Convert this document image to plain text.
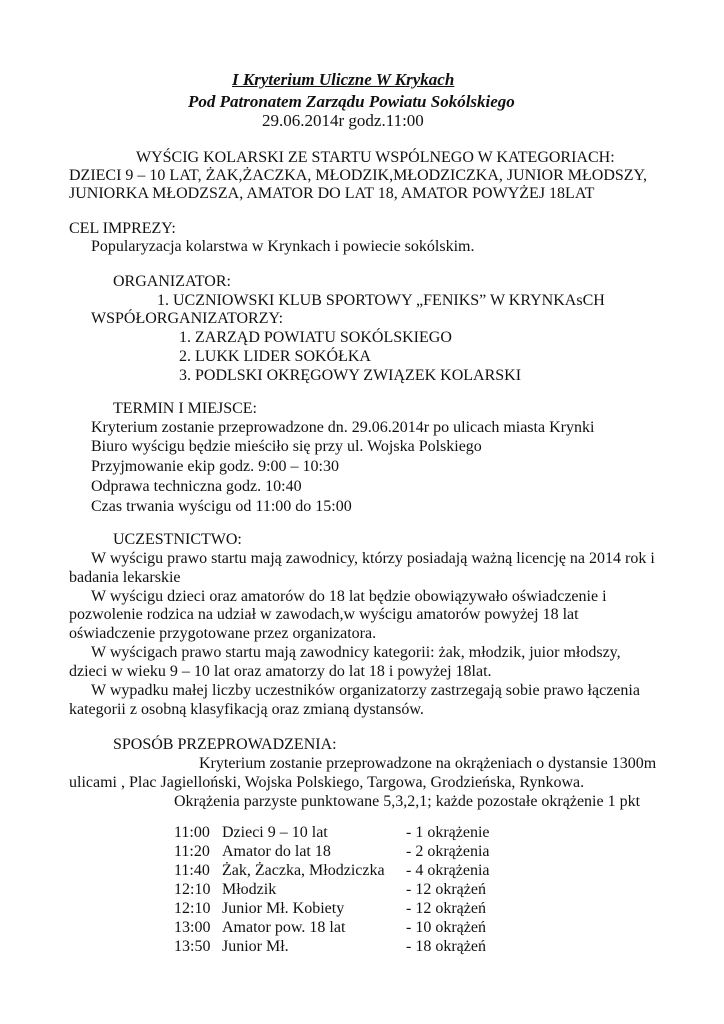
I Kryterium Uliczne W Krykach
Pod Patronatem Zarządu Powiatu Sokólskiego
29.06.2014r godz.11:00
WYŚCIG KOLARSKI ZE STARTU WSPÓLNEGO W KATEGORIACH:
DZIECI 9 – 10 LAT, ŻAK,ŻACZKA, MŁODZIK,MŁODZICZKA, JUNIOR MŁODSZY,
JUNIORKA MŁODZSZA, AMATOR DO LAT 18, AMATOR POWYŻEJ 18LAT
CEL IMPREZY:
Popularyzacja kolarstwa w Krynkach i powiecie sokólskim.
ORGANIZATOR:
1. UCZNIOWSKI KLUB SPORTOWY „FENIKS” W KRYNKAsCH
WSPÓŁORGANIZATORZY:
1. ZARZĄD POWIATU SOKÓLSKIEGO
2. LUKK LIDER SOKÓŁKA
3. PODLSKI OKRĘGOWY ZWIĄZEK KOLARSKI
TERMIN I MIEJSCE:
Kryterium zostanie przeprowadzone dn. 29.06.2014r po ulicach miasta Krynki
Biuro wyścigu będzie mieściło się przy ul. Wojska Polskiego
Przyjmowanie ekip godz. 9:00 – 10:30
Odprawa techniczna godz. 10:40
Czas trwania wyścigu od 11:00 do 15:00
UCZESTNICTWO:
W wyścigu prawo startu mają zawodnicy, którzy posiadają ważną licencję na 2014 rok i
badania lekarskie
W wyścigu dzieci oraz amatorów do 18 lat będzie obowiązywało oświadczenie i
pozwolenie rodzica na udział w zawodach,w wyścigu amatorów powyżej 18 lat
oświadczenie przygotowane przez organizatora.
W wyścigach prawo startu mają zawodnicy kategorii: żak, młodzik, juior młodszy,
dzieci w wieku 9 – 10 lat oraz amatorzy do lat 18 i powyżej 18lat.
W wypadku małej liczby uczestników organizatorzy zastrzegają sobie prawo łączenia
kategorii z osobną klasyfikacją oraz zmianą dystansów.
SPOSÓB PRZEPROWADZENIA:
Kryterium zostanie przeprowadzone na okrążeniach o dystansie 1300m
ulicami , Plac Jagielloński, Wojska Polskiego, Targowa, Grodzieńska, Rynkowa.
Okrążenia parzyste punktowane 5,3,2,1; każde pozostałe okrążenie 1 pkt
11:00 Dzieci 9 – 10 lat	- 1 okrążenie
11:20 Amator do lat 18	- 2 okrążenia
11:40 Żak, Żaczka, Młodziczka - 4 okrążenia
12:10 Młodzik	- 12 okrążeń
12:10 Junior Mł. Kobiety	- 12 okrążeń
13:00 Amator pow. 18 lat	- 10 okrążeń
13:50 Junior Mł.	- 18 okrążeń
